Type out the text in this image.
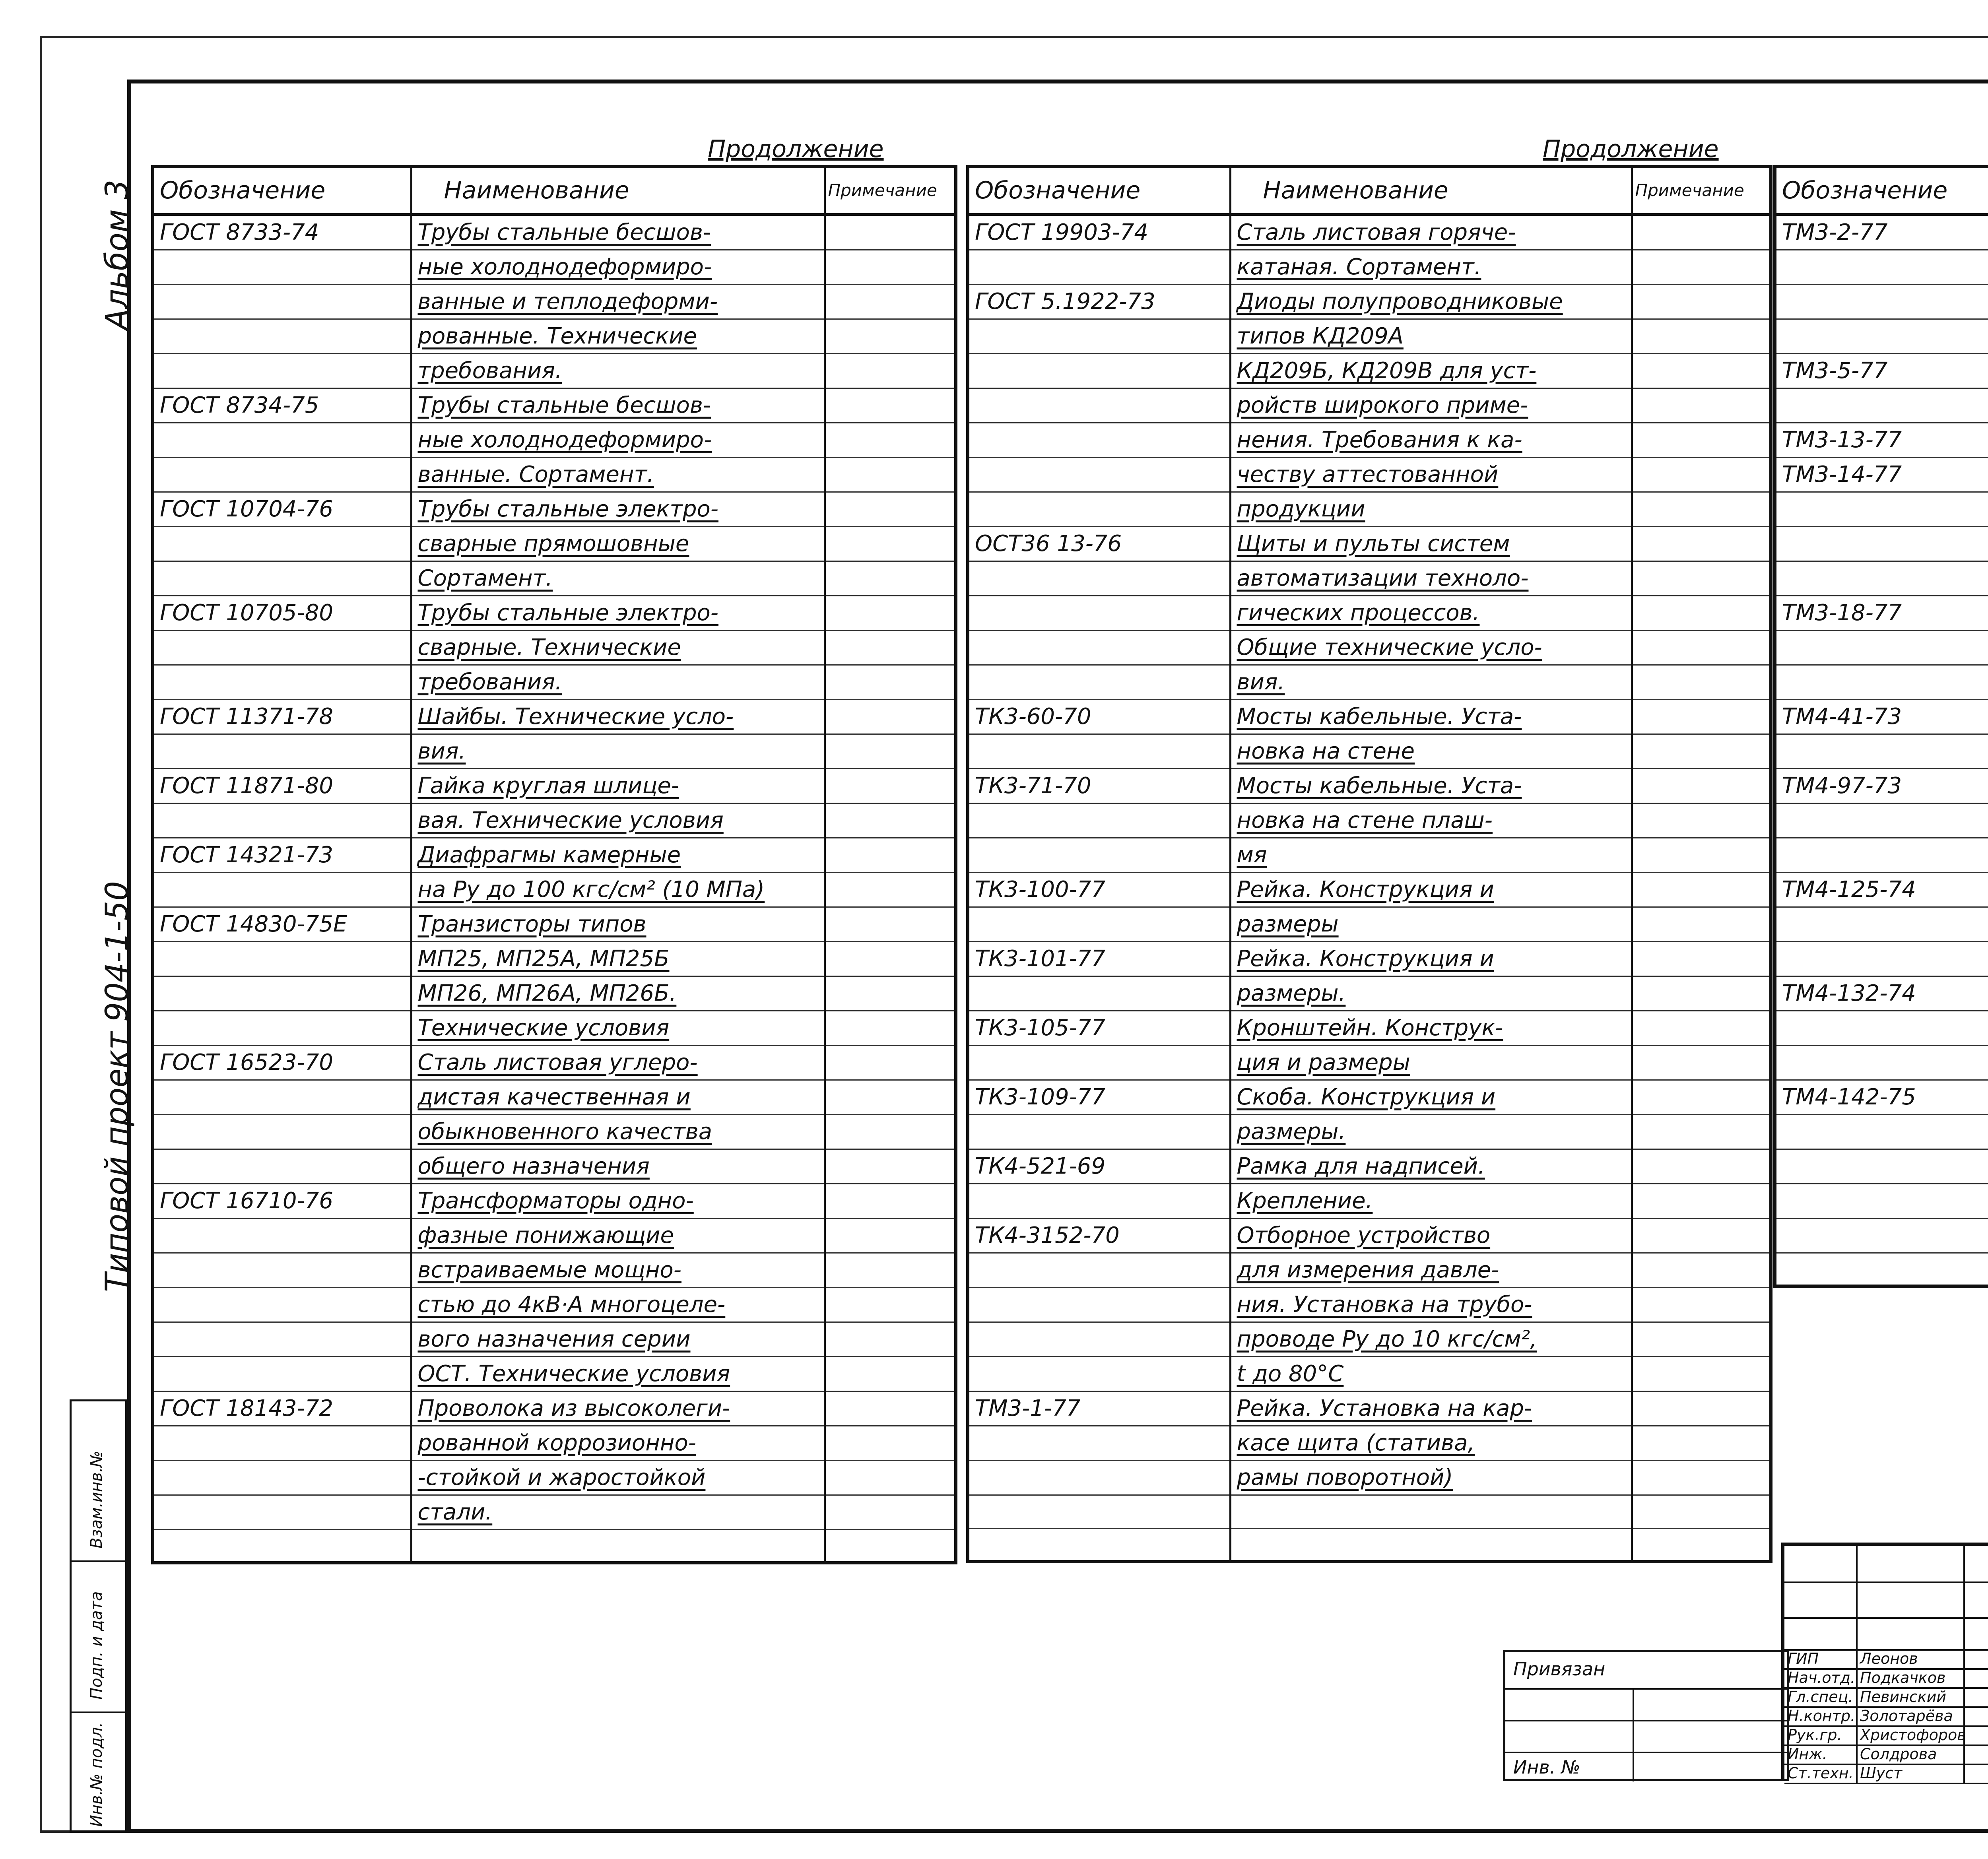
Альбом 3
Типовой проект 904-1-50
Продолжение	Продолжение
Обозначение	Наименование	Примечание
ГОСТ 8733-74	Трубы стальные бесшов-	
	ные холоднодеформиро-	
	ванные и теплодеформи-	
	рованные. Технические	
	требования.	
ГОСТ 8734-75	Трубы стальные бесшов-	
	ные холоднодеформиро-	
	ванные. Сортамент.	
ГОСТ 10704-76	Трубы стальные электро-	
	сварные прямошовные	
	Сортамент.	
ГОСТ 10705-80	Трубы стальные электро-	
	сварные. Технические	
	требования.	
ГОСТ 11371-78	Шайбы. Технические усло-	
	вия.	
ГОСТ 11871-80	Гайка круглая шлице-	
	вая. Технические условия	
ГОСТ 14321-73	Диафрагмы камерные	
	на Ру до 100 кгс/см² (10 МПа)	
ГОСТ 14830-75Е	Транзисторы типов	
	МП25, МП25А, МП25Б	
	МП26, МП26А, МП26Б.	
	Технические условия	
ГОСТ 16523-70	Сталь листовая углеро-	
	дистая качественная и	
	обыкновенного качества	
	общего назначения	
ГОСТ 16710-76	Трансформаторы одно-	
	фазные понижающие	
	встраиваемые мощно-	
	стью до 4кВ·А многоцеле-	
	вого назначения серии	
	ОСТ. Технические условия	
ГОСТ 18143-72	Проволока из высоколеги-	
	рованной коррозионно-	
	-стойкой и жаростойкой	
	стали.	

Обозначение	Наименование	Примечание
ГОСТ 19903-74	Сталь листовая горяче-	
	катаная. Сортамент.	
ГОСТ 5.1922-73	Диоды полупроводниковые	
	типов КД209А	
	КД209Б, КД209В для уст-	
	ройств широкого приме-	
	нения. Требования к ка-	
	честву аттестованной	
	продукции	
ОСТ36 13-76	Щиты и пульты систем	
	автоматизации техноло-	
	гических процессов.	
	Общие технические усло-	
	вия.	
ТК3-60-70	Мосты кабельные. Уста-	
	новка на стене	
ТК3-71-70	Мосты кабельные. Уста-	
	новка на стене плаш-	
	мя	
ТК3-100-77	Рейка. Конструкция и	
	размеры	
ТК3-101-77	Рейка. Конструкция и	
	размеры.	
ТК3-105-77	Кронштейн. Конструк-	
	ция и размеры	
ТК3-109-77	Скоба. Конструкция и	
	размеры.	
ТК4-521-69	Рамка для надписей.	
	Крепление.	
ТК4-3152-70	Отборное устройство	
	для измерения давле-	
	ния. Установка на трубо-	
	проводе Ру до 10 кгс/см²,	
	t до 80°С	
ТМ3-1-77	Рейка. Установка на кар-	
	касе щита (статива,	
	рамы поворотной)	

Обозначение		
ТМ3-2-77		

ТМ3-5-77		

ТМ3-13-77		
ТМ3-14-77		

ТМ3-18-77		

ТМ4-41-73		

ТМ4-97-73		

ТМ4-125-74		

ТМ4-132-74		

ТМ4-142-75		

Привязан
Инв. №
ГИП	Леонов
Нач.отд. Подкачков
Гл.спец. Певинский
Н.контр. Золотарёва
Рук.гр. Христофоров
Инж. Солдрова
Ст.техн. Шуст
Взам.инв.№
Подп. и дата
Инв.№ подл.
